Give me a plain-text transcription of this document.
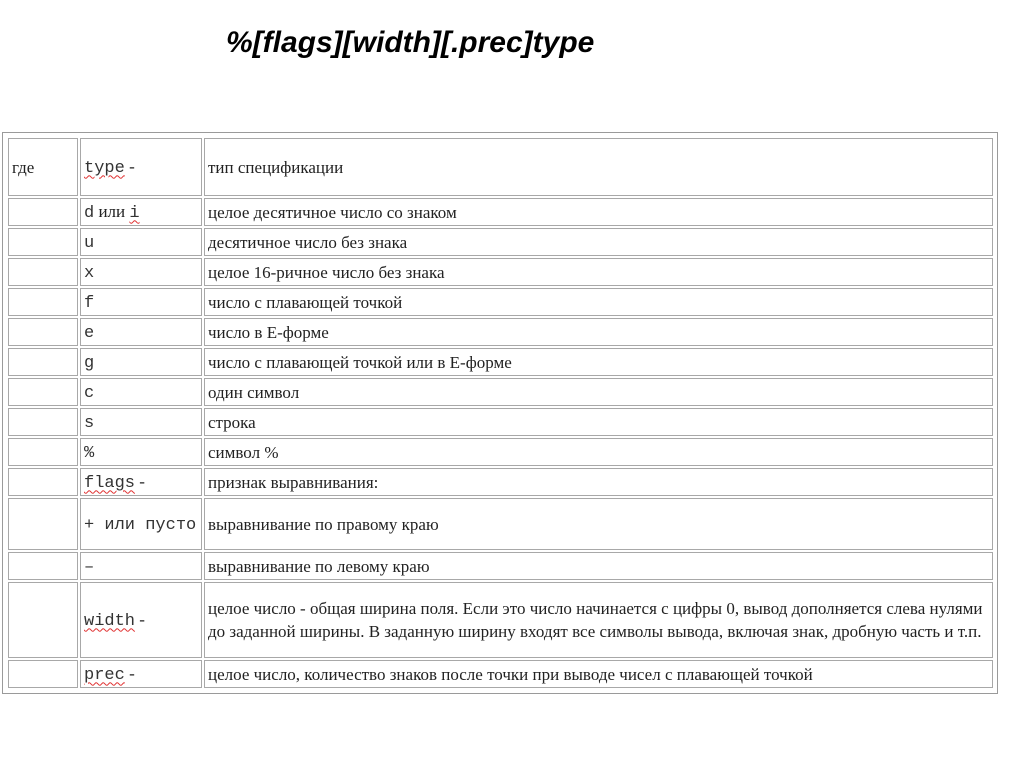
%[flags][width][.prec]type
где	type -	тип спецификации
	d или i	целое десятичное число со знаком
	u	десятичное число без знака
	x	целое 16-ричное число без знака
	f	число с плавающей точкой
	e	число в Е-форме
	g	число с плавающей точкой или в Е-форме
	c	один символ
	s	строка
	%	символ %
	flags -	признак выравнивания:
	+ или пусто	выравнивание по правому краю
	–	выравнивание по левому краю
	width -	целое число - общая ширина поля. Если это число начинается с цифры 0, вывод дополняется слева нулями до заданной ширины. В заданную ширину входят все символы вывода, включая знак, дробную часть и т.п.
	prec -	целое число, количество знаков после точки при выводе чисел с плавающей точкой
